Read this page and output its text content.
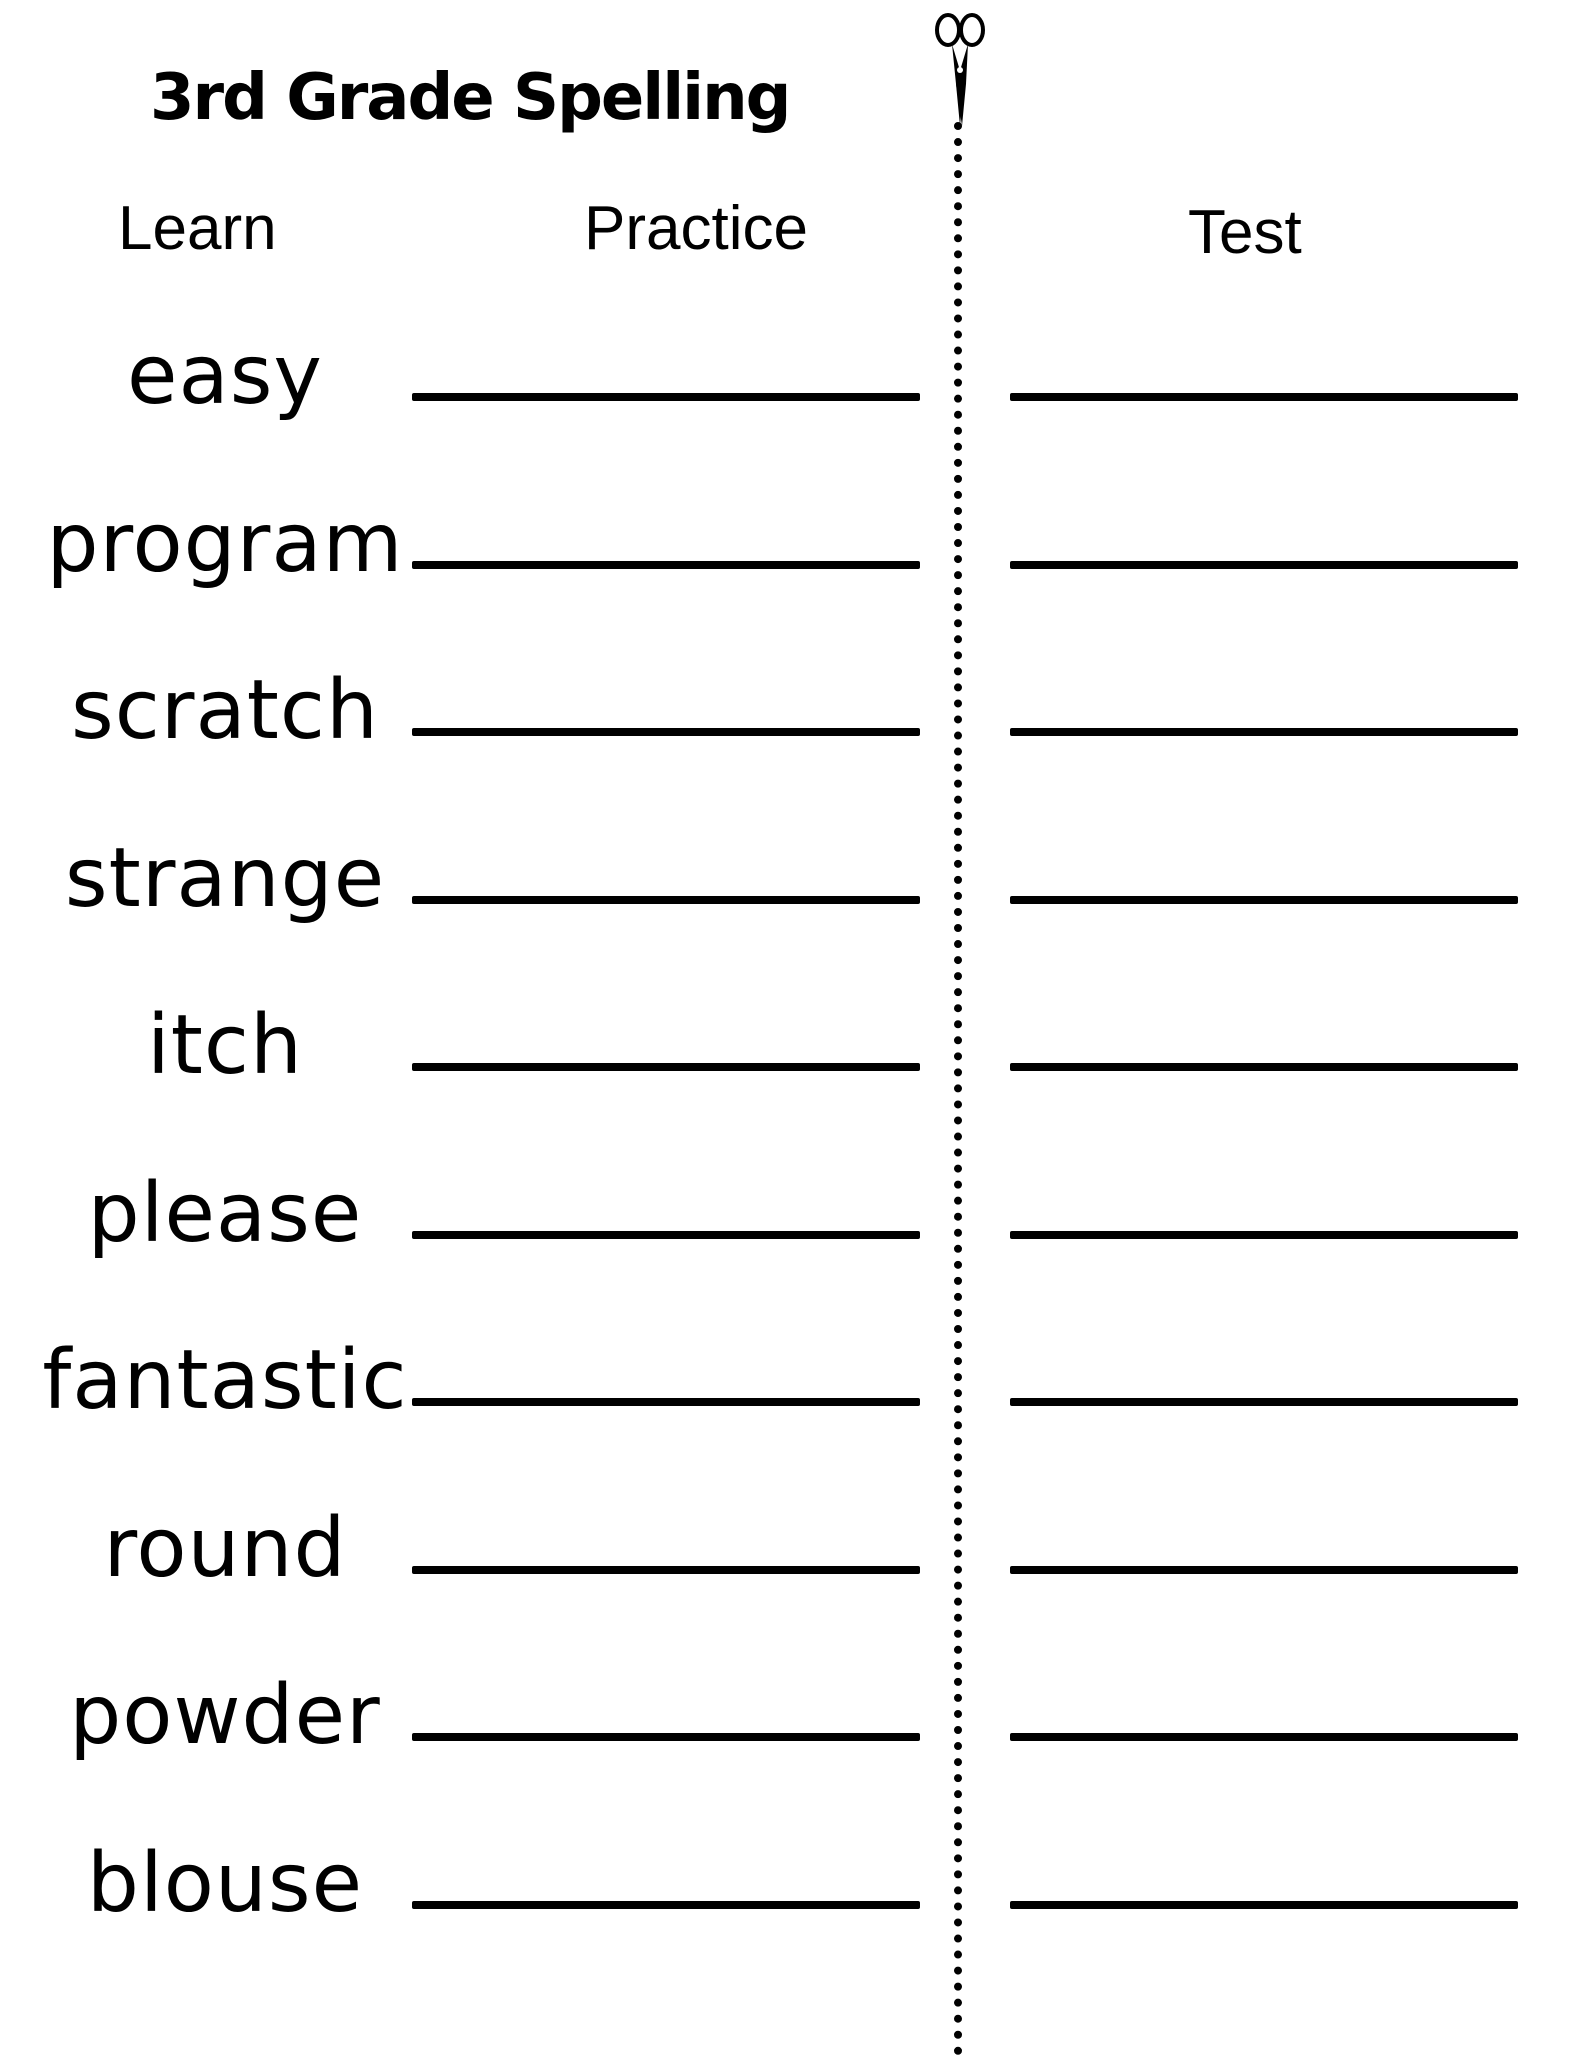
3rd Grade Spelling
Learn	Practice	Test
easy
program
scratch
strange
itch
please
fantastic
round
powder
blouse
